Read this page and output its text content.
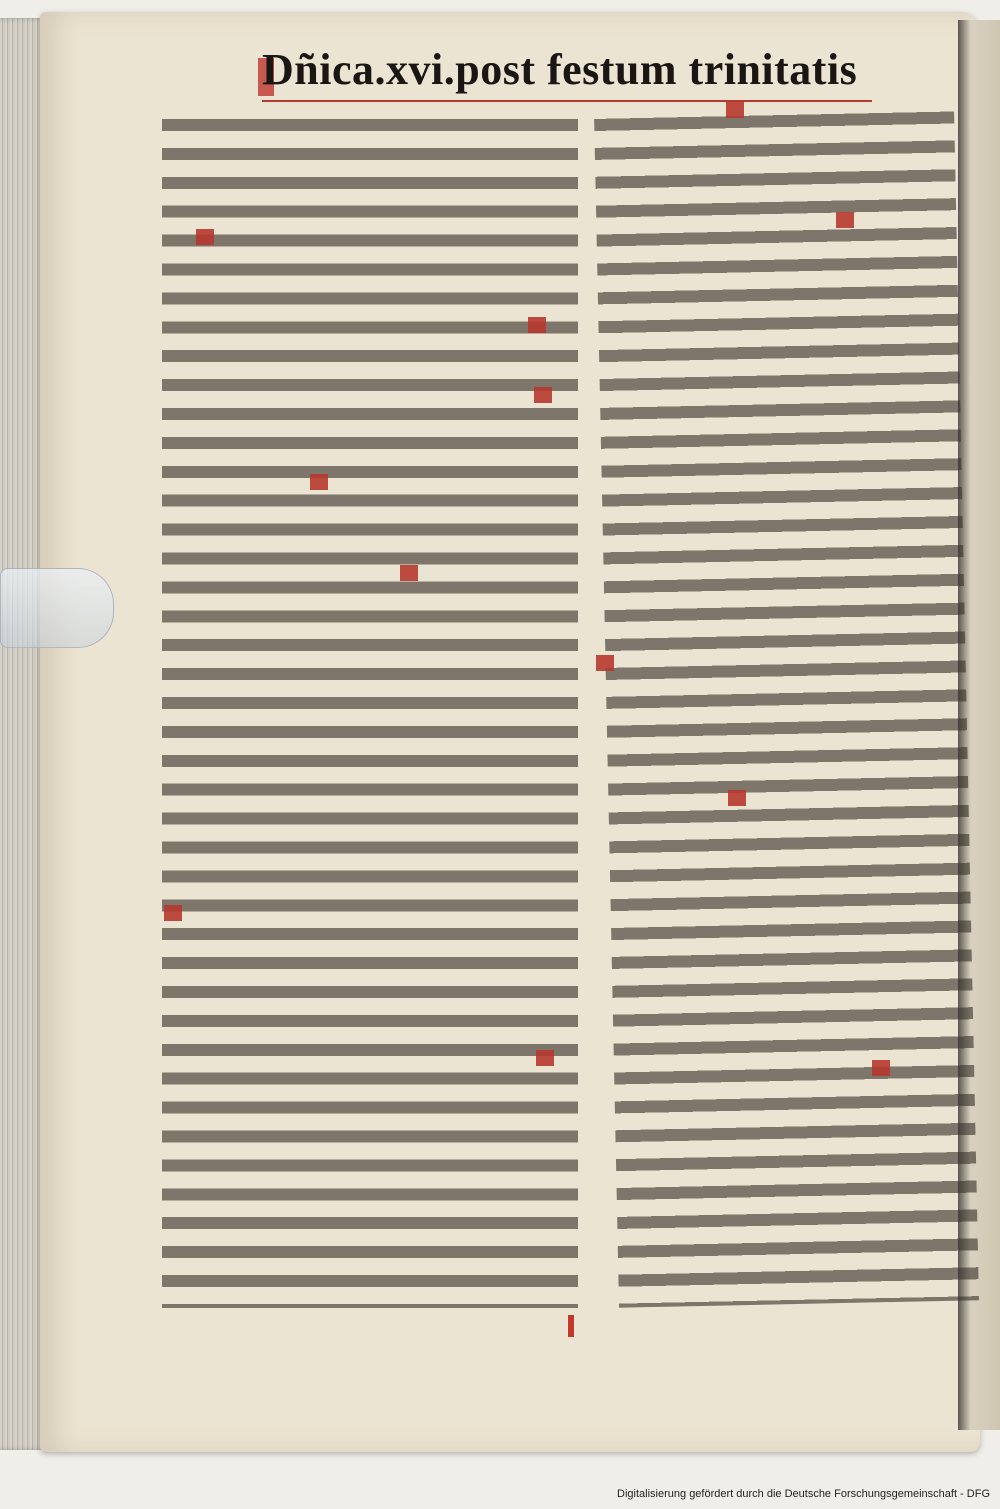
Dñica.xvi.post festum trinitatis
Digitalisierung gefördert durch die Deutsche Forschungsgemeinschaft - DFG
